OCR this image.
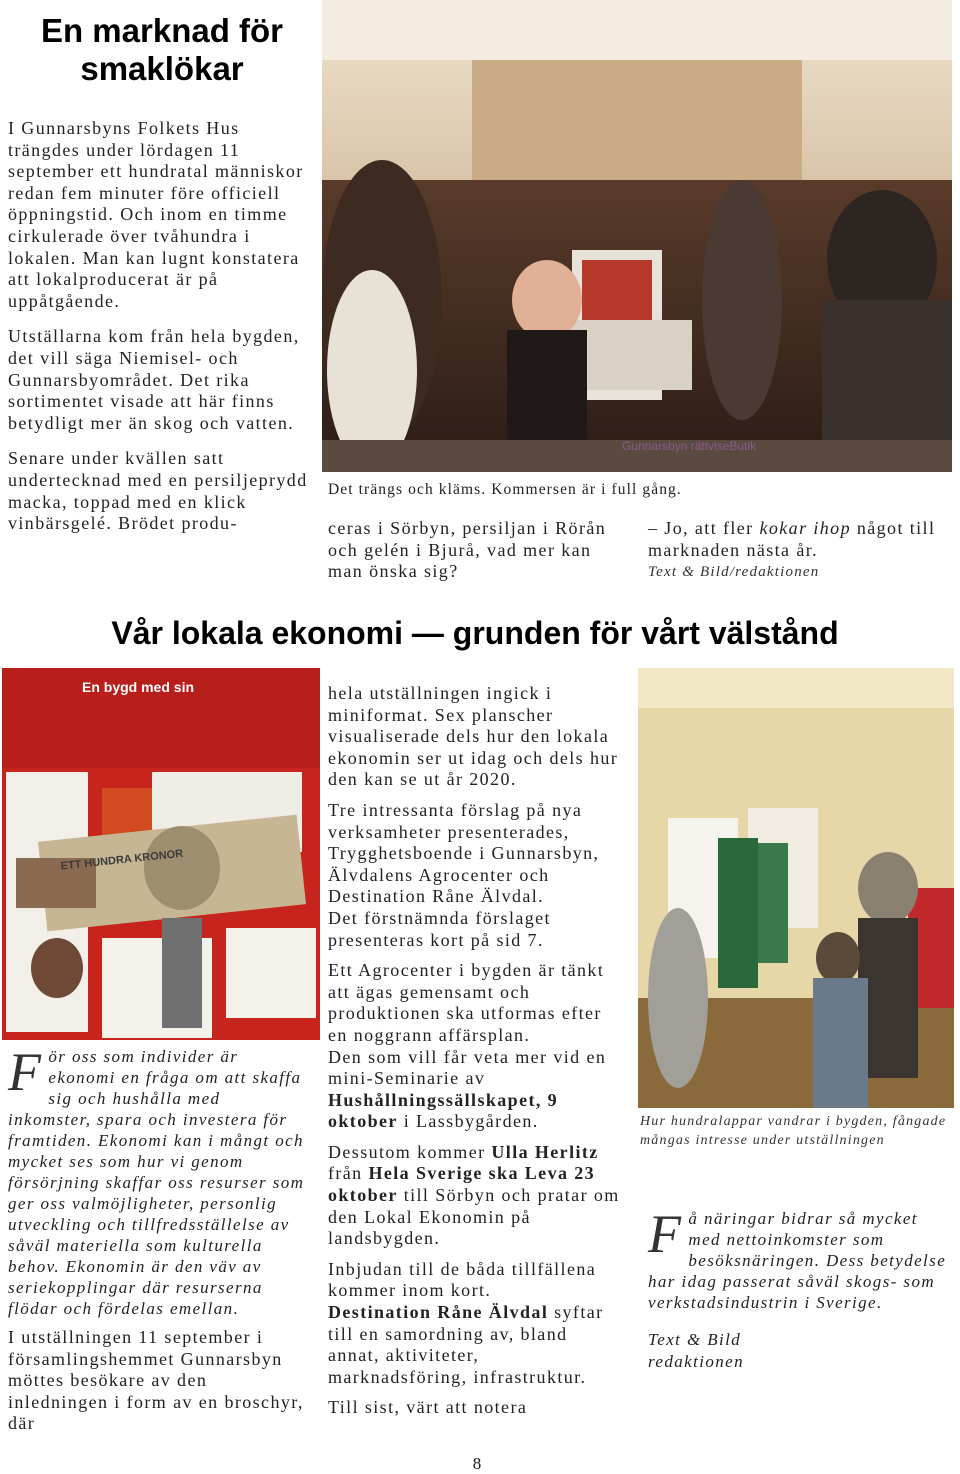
En marknad för smaklökar

I Gunnarsbyns Folkets Hus trängdes under lördagen 11 september ett hundratal människor redan fem minuter före officiell öppningstid. Och inom en timme cirkulerade över tvåhundra i lokalen. Man kan lugnt konstatera att lokalproducerat är på uppåtgående.

Utställarna kom från hela bygden, det vill säga Niemisel- och Gunnarsbyområdet. Det rika sortimentet visade att här finns betydligt mer än skog och vatten.

Senare under kvällen satt undertecknad med en persiljeprydd macka, toppad med en klick vinbärsgelé. Brödet produ-

Gunnarsbyn rättviseButik

Det trängs och kläms. Kommersen är i full gång.

ceras i Sörbyn, persiljan i Rörån och gelén i Bjurå, vad mer kan man önska sig?

– Jo, att fler kokar ihop något till marknaden nästa år.

Text & Bild/redaktionen

Vår lokala ekonomi — grunden för vårt välstånd
En bygd med sin
ETT HUNDRA KRONOR

För oss som individer är ekonomi en fråga om att skaffa sig och hushålla med inkomster, spara och investera för framtiden. Ekonomi kan i mångt och mycket ses som hur vi genom försörjning skaffar oss resurser som ger oss valmöjligheter, personlig utveckling och tillfredsställelse av såväl materiella som kulturella behov. Ekonomin är den väv av seriekopplingar där resurserna flödar och fördelas emellan.

I utställningen 11 september i församlingshemmet Gunnarsbyn möttes besökare av den inledningen i form av en broschyr, där

hela utställningen ingick i miniformat. Sex planscher visualiserade dels hur den lokala ekonomin ser ut idag och dels hur den kan se ut år 2020.

Tre intressanta förslag på nya verksamheter presenterades, Trygghetsboende i Gunnarsbyn, Älvdalens Agrocenter och Destination Råne Älvdal.

Det förstnämnda förslaget presenteras kort på sid 7.

Ett Agrocenter i bygden är tänkt att ägas gemensamt och produktionen ska utformas efter en noggrann affärsplan.

Den som vill får veta mer vid en mini-Seminarie av Hushållningssällskapet, 9 oktober i Lassbygården.

Dessutom kommer Ulla Herlitz från Hela Sverige ska Leva 23 oktober till Sörbyn och pratar om den Lokal Ekonomin på landsbygden.

Inbjudan till de båda tillfällena kommer inom kort.

Destination Råne Älvdal syftar till en samordning av, bland annat, aktiviteter, marknadsföring, infrastruktur.

Till sist, värt att notera

Hur hundralappar vandrar i bygden, fångade mångas intresse under utställningen

Få näringar bidrar så mycket med nettoinkomster som besöksnäringen. Dess betydelse har idag passerat såväl skogs- som verkstadsindustrin i Sverige.

Text & Bild

redaktionen

8
